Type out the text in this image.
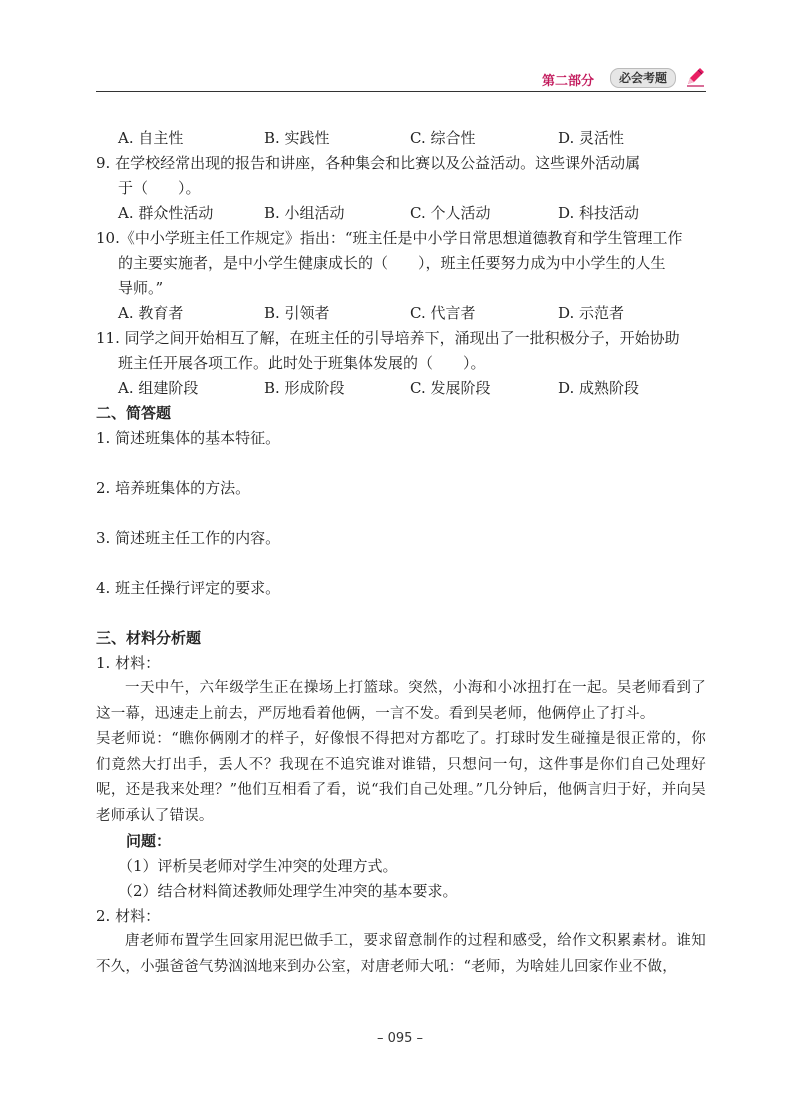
第二部分	必会考题
A. 自主性	B. 实践性	C. 综合性	D. 灵活性
9. 在学校经常出现的报告和讲座，各种集会和比赛以及公益活动。这些课外活动属
于（　　）。
A. 群众性活动	B. 小组活动	C. 个人活动	D. 科技活动
10.《中小学班主任工作规定》指出：“班主任是中小学日常思想道德教育和学生管理工作
的主要实施者，是中小学生健康成长的（　　），班主任要努力成为中小学生的人生
导师。”
A. 教育者	B. 引领者	C. 代言者	D. 示范者
11. 同学之间开始相互了解，在班主任的引导培养下，涌现出了一批积极分子，开始协助
班主任开展各项工作。此时处于班集体发展的（　　）。
A. 组建阶段	B. 形成阶段	C. 发展阶段	D. 成熟阶段
二、简答题
1. 简述班集体的基本特征。
2. 培养班集体的方法。
3. 简述班主任工作的内容。
4. 班主任操行评定的要求。
三、材料分析题
1. 材料：
一天中午，六年级学生正在操场上打篮球。突然，小海和小冰扭打在一起。吴老师看到了这一幕，迅速走上前去，严厉地看着他俩，一言不发。看到吴老师，他俩停止了打斗。
吴老师说：“瞧你俩刚才的样子，好像恨不得把对方都吃了。打球时发生碰撞是很正常的，你们竟然大打出手，丢人不？我现在不追究谁对谁错，只想问一句，这件事是你们自己处理好呢，还是我来处理？”他们互相看了看，说“我们自己处理。”几分钟后，他俩言归于好，并向吴老师承认了错误。
问题：
（1）评析吴老师对学生冲突的处理方式。
（2）结合材料简述教师处理学生冲突的基本要求。
2. 材料：
唐老师布置学生回家用泥巴做手工，要求留意制作的过程和感受，给作文积累素材。谁知不久，小强爸爸气势汹汹地来到办公室，对唐老师大吼：“老师，为啥娃儿回家作业不做，
– 095 –
